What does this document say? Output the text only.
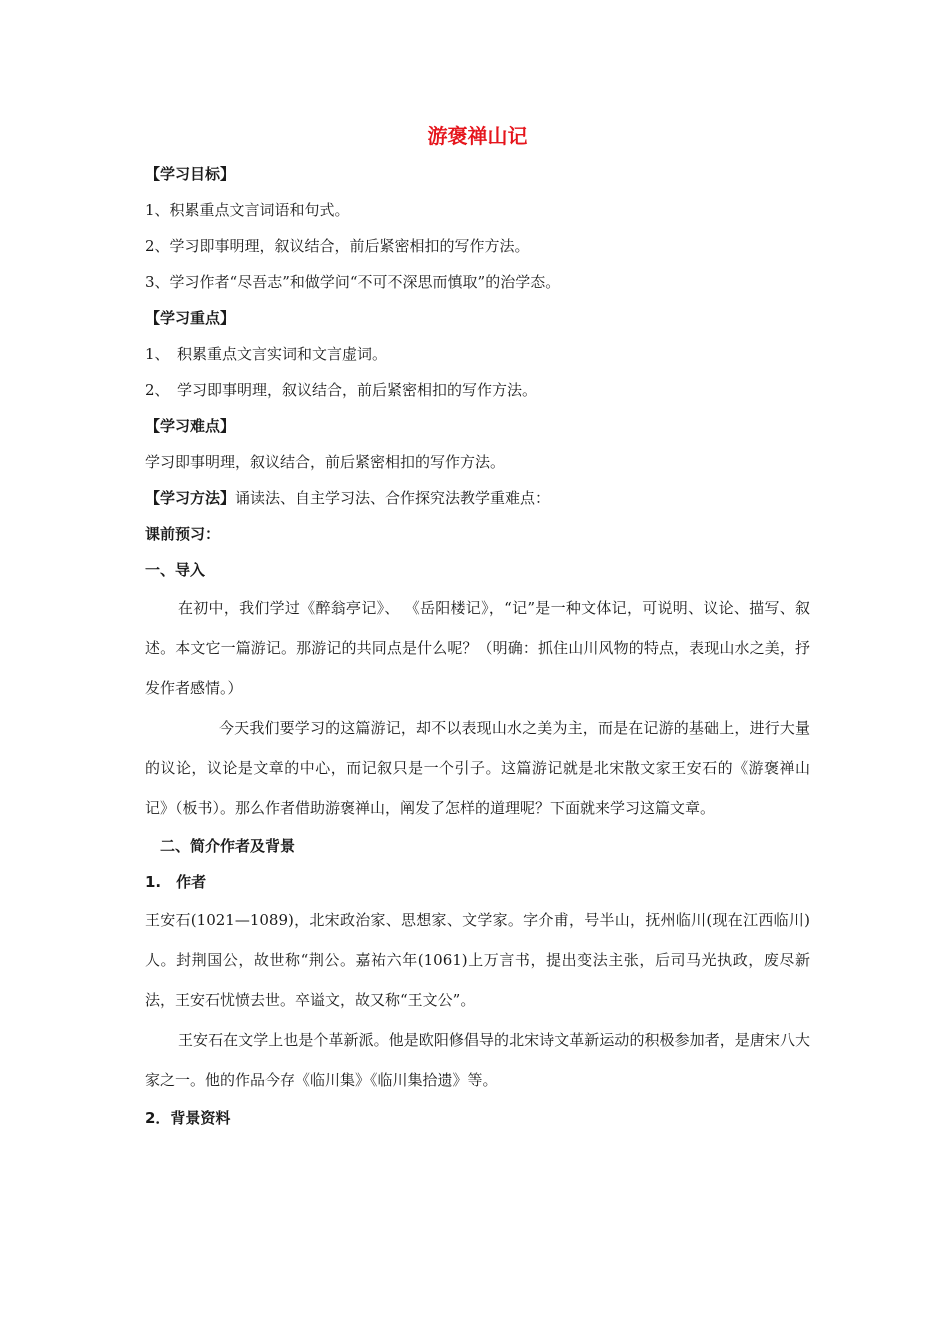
游褒禅山记

【学习目标】

1、积累重点文言词语和句式。

2、学习即事明理，叙议结合，前后紧密相扣的写作方法。

3、学习作者“尽吾志”和做学问“不可不深思而慎取”的治学态。

【学习重点】

1、　积累重点文言实词和文言虚词。

2、　学习即事明理，叙议结合，前后紧密相扣的写作方法。

【学习难点】

学习即事明理，叙议结合，前后紧密相扣的写作方法。

【学习方法】诵读法、自主学习法、合作探究法教学重难点：

课前预习：

一、导入

在初中，我们学过《醉翁亭记》、 《岳阳楼记》，“记”是一种文体记，可说明、议论、描写、叙述。本文它一篇游记。那游记的共同点是什么呢？（明确：抓住山川风物的特点，表现山水之美，抒发作者感情。）

今天我们要学习的这篇游记，却不以表现山水之美为主，而是在记游的基础上，进行大量的议论，议论是文章的中心，而记叙只是一个引子。这篇游记就是北宋散文家王安石的《游褒禅山记》（板书）。那么作者借助游褒禅山，阐发了怎样的道理呢？下面就来学习这篇文章。

二、简介作者及背景

1.　作者

王安石(1021—1089)，北宋政治家、思想家、文学家。字介甫，号半山，抚州临川(现在江西临川)人。封荆国公，故世称“荆公。嘉祐六年(1061)上万言书，提出变法主张，后司马光执政，废尽新法，王安石忧愤去世。卒谥文，故又称“王文公”。

王安石在文学上也是个革新派。他是欧阳修倡导的北宋诗文革新运动的积极参加者，是唐宋八大家之一。他的作品今存《临川集》《临川集拾遗》等。

2．背景资料
